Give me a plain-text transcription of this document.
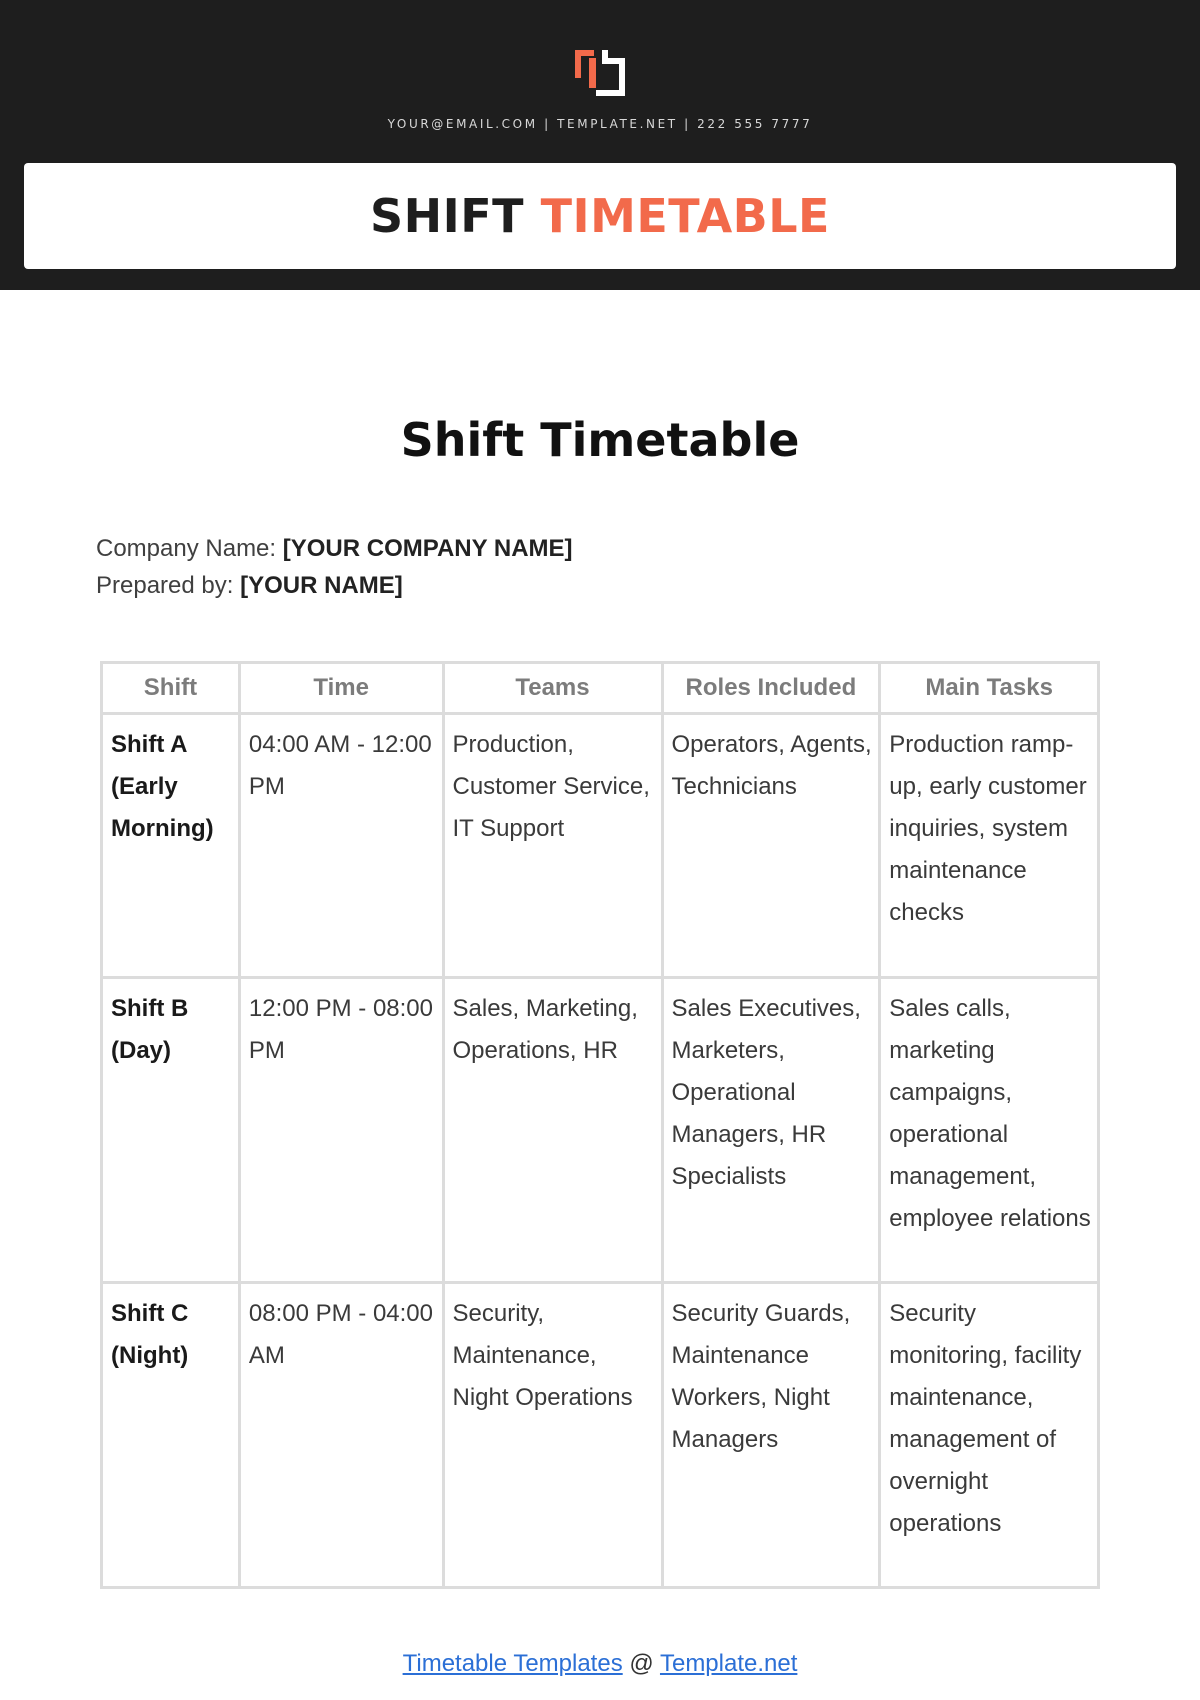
YOUR@EMAIL.COM | TEMPLATE.NET | 222 555 7777
SHIFT TIMETABLE
Shift Timetable
Company Name: [YOUR COMPANY NAME]
Prepared by: [YOUR NAME]
Shift	Time	Teams	Roles Included	Main Tasks
Shift A (Early Morning)	04:00 AM - 12:00 PM	Production, Customer Service, IT Support	Operators, Agents, Technicians	Production ramp-up, early customer inquiries, system maintenance checks
Shift B (Day)	12:00 PM - 08:00 PM	Sales, Marketing, Operations, HR	Sales Executives, Marketers, Operational Managers, HR Specialists	Sales calls, marketing campaigns, operational management, employee relations
Shift C (Night)	08:00 PM - 04:00 AM	Security, Maintenance, Night Operations	Security Guards, Maintenance Workers, Night Managers	Security monitoring, facility maintenance, management of overnight operations
Timetable Templates @ Template.net
